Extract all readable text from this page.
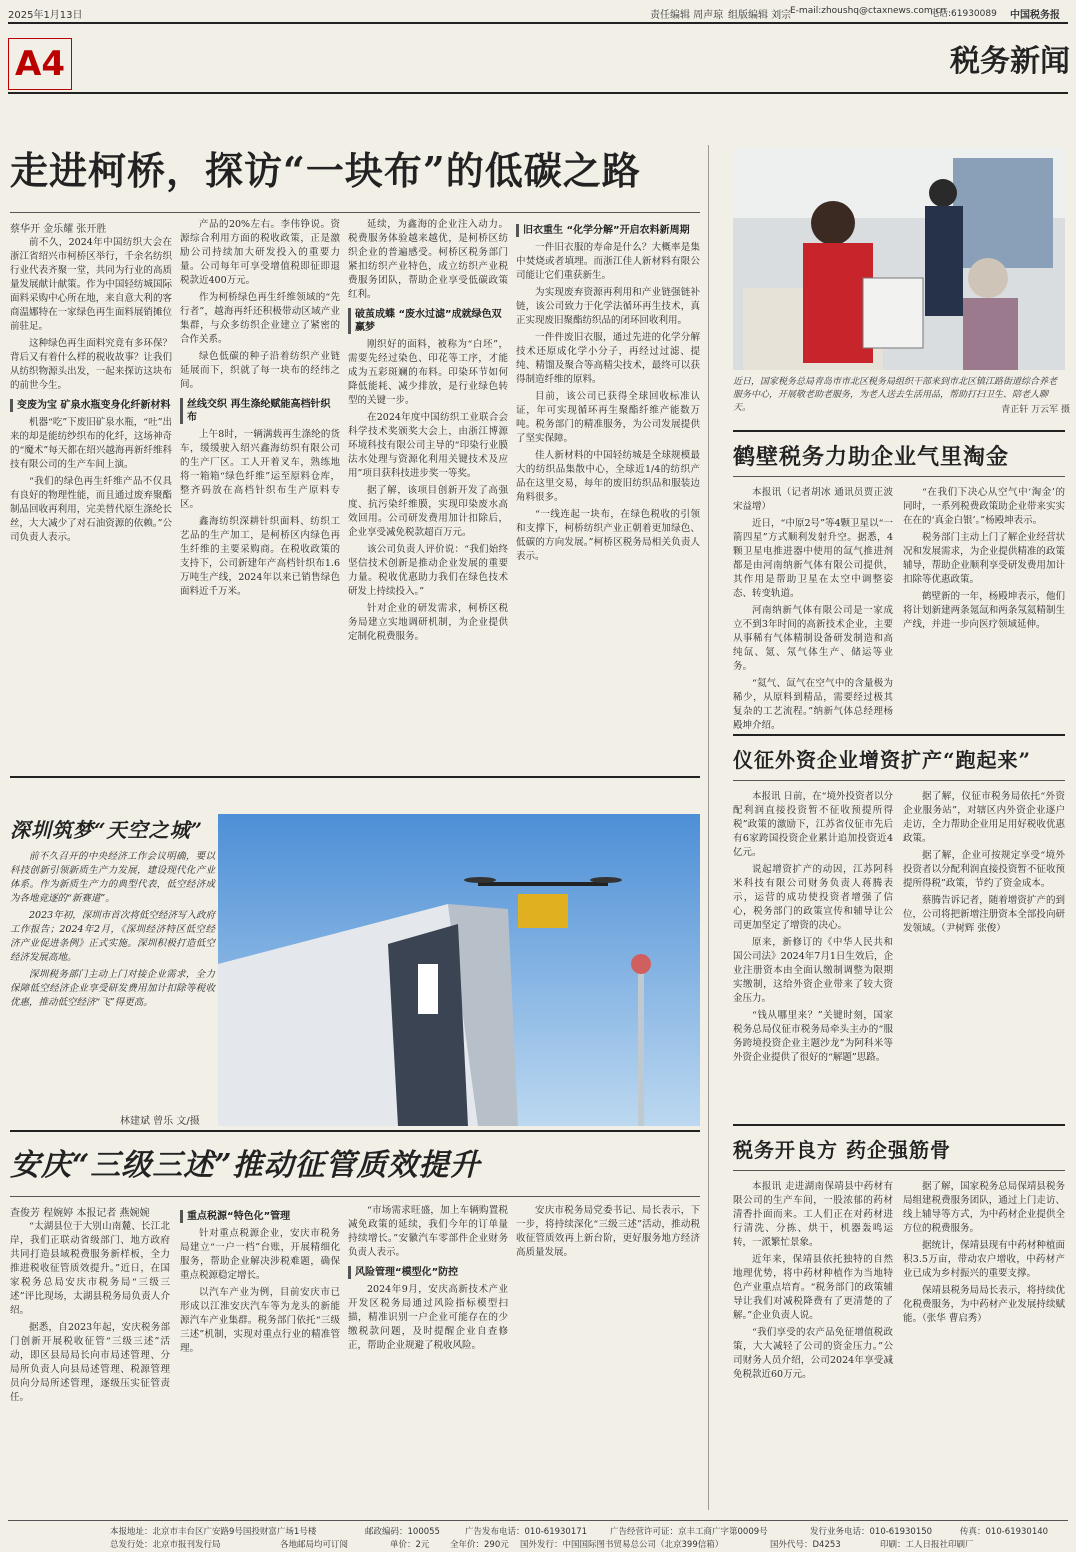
2025年1月13日	责任编辑 周声琼 组版编辑 刘宗
E-mail:zhoushq@ctaxnews.com.cn
电话:61930089 中国税务报
A4	税务新闻
走进柯桥，探访“一块布”的低碳之路
蔡华开 金乐耀 张开胜

前不久，2024年中国纺织大会在浙江省绍兴市柯桥区举行，千余名纺织行业代表齐聚一堂，共同为行业的高质量发展献计献策。作为中国轻纺城国际面料采购中心所在地，来自意大利的客商温娜特在一家绿色再生面料展销摊位前驻足。

这种绿色再生面料究竟有多环保？背后又有着什么样的税收故事？让我们从纺织物源头出发，一起来探访这块布的前世今生。

变废为宝 矿泉水瓶变身化纤新材料

机器“吃”下废旧矿泉水瓶，“吐”出来的却是能纺纱织布的化纤，这场神奇的“魔术”每天都在绍兴越海再新纤维科技有限公司的生产车间上演。

“我们的绿色再生纤维产品不仅具有良好的物理性能，而且通过废弃聚酯制品回收再利用，完美替代原生涤纶长丝，大大减少了对石油资源的依赖。”公司负责人表示。

产品的20%左右。李伟铮说。资源综合利用方面的税收政策，正是激励公司持续加大研发投入的重要力量。公司每年可享受增值税即征即退税款近400万元。

作为柯桥绿色再生纤维领域的“先行者”，越海再纤还积极带动区域产业集群，与众多纺织企业建立了紧密的合作关系。

绿色低碳的种子沿着纺织产业链延展而下，织就了每一块布的经纬之间。

丝线交织 再生涤纶赋能高档针织布

上午8时，一辆满载再生涤纶的货车，缓缓驶入绍兴鑫海纺织有限公司的生产厂区。工人开着叉车，熟练地将一箱箱“绿色纤维”运至原料仓库，整齐码放在高档针织布生产原料专区。

鑫海纺织深耕针织面料、纺织工艺品的生产加工，是柯桥区内绿色再生纤维的主要采购商。在税收政策的支持下，公司新建年产高档针织布1.6万吨生产线，2024年以来已销售绿色面料近千万米。

延续，为鑫海的企业注入动力。税费服务体验越来越优，是柯桥区纺织企业的普遍感受。柯桥区税务部门紧扣纺织产业特色，成立纺织产业税费服务团队，帮助企业享受低碳政策红利。

破茧成蝶 “废水过滤”成就绿色双赢梦

刚织好的面料，被称为“白坯”，需要先经过染色、印花等工序，才能成为五彩斑斓的布料。印染环节如何降低能耗、减少排放，是行业绿色转型的关键一步。

在2024年度中国纺织工业联合会科学技术奖颁奖大会上，由浙江博源环境科技有限公司主导的“印染行业膜法水处理与资源化利用关键技术及应用”项目获科技进步奖一等奖。

据了解，该项目创新开发了高强度、抗污染纤维膜，实现印染废水高效回用。公司研发费用加计扣除后，企业享受减免税款超百万元。

该公司负责人评价说：“我们始终坚信技术创新是推动企业发展的重要力量。税收优惠助力我们在绿色技术研发上持续投入。”

针对企业的研发需求，柯桥区税务局建立实地调研机制，为企业提供定制化税费服务。

旧衣重生 “化学分解”开启农料新周期

一件旧衣服的寿命是什么？大概率是集中焚烧或者填埋。而浙江佳人新材料有限公司能让它们重获新生。

为实现废弃资源再利用和产业链强链补链，该公司致力于化学法循环再生技术，真正实现废旧聚酯纺织品的闭环回收利用。

一件件废旧衣服，通过先进的化学分解技术还原成化学小分子，再经过过滤、提纯、精馏及聚合等高精尖技术，最终可以获得制造纤维的原料。

目前，该公司已获得全球回收标准认证，年可实现循环再生聚酯纤维产能数万吨。税务部门的精准服务，为公司发展提供了坚实保障。

佳人新材料的中国轻纺城是全球规模最大的纺织品集散中心，全球近1/4的纺织产品在这里交易，每年的废旧纺织品和服装边角料很多。

“一线连起一块布，在绿色税收的引领和支撑下，柯桥纺织产业正朝着更加绿色、低碳的方向发展。”柯桥区税务局相关负责人表示。

近日，国家税务总局青岛市市北区税务局组织干部来到市北区镇江路街道综合养老服务中心，开展敬老助老服务，为老人送去生活用品，帮助打扫卫生、陪老人聊天。	青正轩 万云军 摄
鹤壁税务力助企业气里淘金

本报讯（记者胡冰 通讯员贾正波 宋益增）

近日，“中原2号”等4颗卫星以“一箭四星”方式顺利发射升空。据悉，4颗卫星电推进器中使用的氙气推进剂都是由河南纳新气体有限公司提供，其作用是帮助卫星在太空中调整姿态、转变轨道。

河南纳新气体有限公司是一家成立不到3年时间的高新技术企业，主要从事稀有气体精制设备研发制造和高纯氙、氪、氖气体生产、储运等业务。

“氦气、氙气在空气中的含量极为稀少，从原料到精品，需要经过极其复杂的工艺流程。”纳新气体总经理杨殿坤介绍。

“在我们下决心从空气中‘淘金’的同时，一系列税费政策助企业带来实实在在的‘真金白银’。”杨殿坤表示。

税务部门主动上门了解企业经营状况和发展需求，为企业提供精准的政策辅导，帮助企业顺利享受研发费用加计扣除等优惠政策。

鹤壁新的一年，杨殿坤表示，他们将计划新建两条氪氙和两条氖氦精制生产线，并进一步向医疗领域延伸。

仪征外资企业增资扩产“跑起来”

本报讯 日前，在“境外投资者以分配利润直接投资暂不征收预提所得税”政策的激励下，江苏省仪征市先后有6家跨国投资企业累计追加投资近4亿元。

说起增资扩产的动因，江苏阿科米科技有限公司财务负责人蒋腾表示，运营的成功使投资者增强了信心，税务部门的政策宣传和辅导让公司更加坚定了增资的决心。

原来，新修订的《中华人民共和国公司法》2024年7月1日生效后，企业注册资本由全面认缴制调整为限期实缴制，这给外资企业带来了较大资金压力。

“钱从哪里来？”关键时刻，国家税务总局仪征市税务局牵头主办的“服务跨境投资企业主题沙龙”为阿科米等外资企业提供了很好的“解题”思路。

据了解，仪征市税务局依托“外资企业服务站”，对辖区内外资企业逐户走访，全力帮助企业用足用好税收优惠政策。

据了解，企业可按规定享受“境外投资者以分配利润直接投资暂不征收预提所得税”政策，节约了资金成本。

蔡腾告诉记者，随着增资扩产的到位，公司将把新增注册资本全部投向研发领域。（尹树辉 张俊）

税务开良方 药企强筋骨

本报讯 走进湖南保靖县中药材有限公司的生产车间，一股浓郁的药材清香扑面而来。工人们正在对药材进行清洗、分拣、烘干，机器轰鸣运转，一派繁忙景象。

近年来，保靖县依托独特的自然地理优势，将中药材种植作为当地特色产业重点培育。“税务部门的政策辅导让我们对减税降费有了更清楚的了解。”企业负责人说。

“我们享受的农产品免征增值税政策，大大减轻了公司的资金压力。”公司财务人员介绍，公司2024年享受减免税款近60万元。

据了解，国家税务总局保靖县税务局组建税费服务团队，通过上门走访、线上辅导等方式，为中药材企业提供全方位的税费服务。

据统计，保靖县现有中药材种植面积3.5万亩，带动农户增收，中药材产业已成为乡村振兴的重要支撑。

保靖县税务局局长表示，将持续优化税费服务，为中药材产业发展持续赋能。（张华 曹启秀）

深圳筑梦“天空之城”

前不久召开的中央经济工作会议明确，要以科技创新引领新质生产力发展，建设现代化产业体系。作为新质生产力的典型代表，低空经济成为各地竞逐的“新赛道”。

2023年初，深圳市首次将低空经济写入政府工作报告；2024年2月，《深圳经济特区低空经济产业促进条例》正式实施。深圳积极打造低空经济发展高地。

深圳税务部门主动上门对接企业需求，全力保障低空经济企业享受研发费用加计扣除等税收优惠，推动低空经济“飞”得更高。

林建斌 曾乐 文/摄
安庆“三级三述”推动征管质效提升
查俊芳 程婉婷 本报记者 燕婉婉

“太湖县位于大别山南麓、长江北岸，我们正联动省级部门、地方政府共同打造县域税费服务新样板，全力推进税收征管质效提升。”近日，在国家税务总局安庆市税务局“三级三述”评比现场，太湖县税务局负责人介绍。

据悉，自2023年起，安庆税务部门创新开展税收征管“三级三述”活动，即区县局局长向市局述管理、分局所负责人向县局述管理、税源管理员向分局所述管理，逐级压实征管责任。

重点税源“特色化”管理

针对重点税源企业，安庆市税务局建立“一户一档”台账，开展精细化服务，帮助企业解决涉税难题，确保重点税源稳定增长。

以汽车产业为例，目前安庆市已形成以江淮安庆汽车等为龙头的新能源汽车产业集群。税务部门依托“三级三述”机制，实现对重点行业的精准管理。

“市场需求旺盛，加上车辆购置税减免政策的延续，我们今年的订单量持续增长。”安徽汽车零部件企业财务负责人表示。

风险管理“模型化”防控

2024年9月，安庆高新技术产业开发区税务局通过风险指标模型扫描，精准识别一户企业可能存在的少缴税款问题，及时提醒企业自查修正，帮助企业规避了税收风险。

安庆市税务局党委书记、局长表示，下一步，将持续深化“三级三述”活动，推动税收征管质效再上新台阶，更好服务地方经济高质量发展。

本报地址：北京市丰台区广安路9号国投财富广场1号楼	邮政编码：100055	广告发布电话：010-61930171	广告经营许可证：京丰工商广字第0009号	发行业务电话：010-61930150	传真：010-61930140
总发行处：北京市报刊发行局	各地邮局均可订阅	单价：2元 全年价：290元 国外发行：中国国际图书贸易总公司（北京399信箱）	国外代号：D4253	印刷：工人日报社印刷厂
